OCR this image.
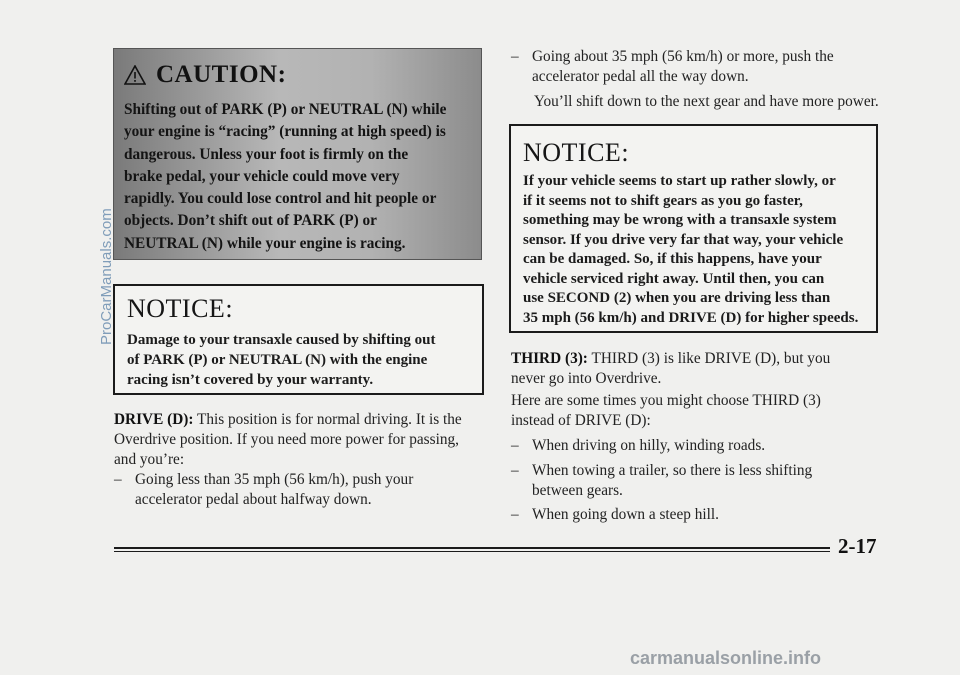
CAUTION:
Shifting out of PARK (P) or NEUTRAL (N) while
your engine is “racing” (running at high speed) is
dangerous. Unless your foot is firmly on the
brake pedal, your vehicle could move very
rapidly. You could lose control and hit people or
objects. Don’t shift out of PARK (P) or
NEUTRAL (N) while your engine is racing.
NOTICE:
Damage to your transaxle caused by shifting out
of PARK (P) or NEUTRAL (N) with the engine
racing isn’t covered by your warranty.
DRIVE (D): This position is for normal driving. It is the
Overdrive position. If you need more power for passing,
and you’re:
– Going less than 35 mph (56 km/h), push your
accelerator pedal about halfway down.
– Going about 35 mph (56 km/h) or more, push the
accelerator pedal all the way down.
You’ll shift down to the next gear and have more power.
NOTICE:
If your vehicle seems to start up rather slowly, or
if it seems not to shift gears as you go faster,
something may be wrong with a transaxle system
sensor. If you drive very far that way, your vehicle
can be damaged. So, if this happens, have your
vehicle serviced right away. Until then, you can
use SECOND (2) when you are driving less than
35 mph (56 km/h) and DRIVE (D) for higher speeds.
THIRD (3): THIRD (3) is like DRIVE (D), but you
never go into Overdrive.
Here are some times you might choose THIRD (3)
instead of DRIVE (D):
– When driving on hilly, winding roads.
– When towing a trailer, so there is less shifting
between gears.
– When going down a steep hill.
2-17
ProCarManuals.com
carmanualsonline.info
